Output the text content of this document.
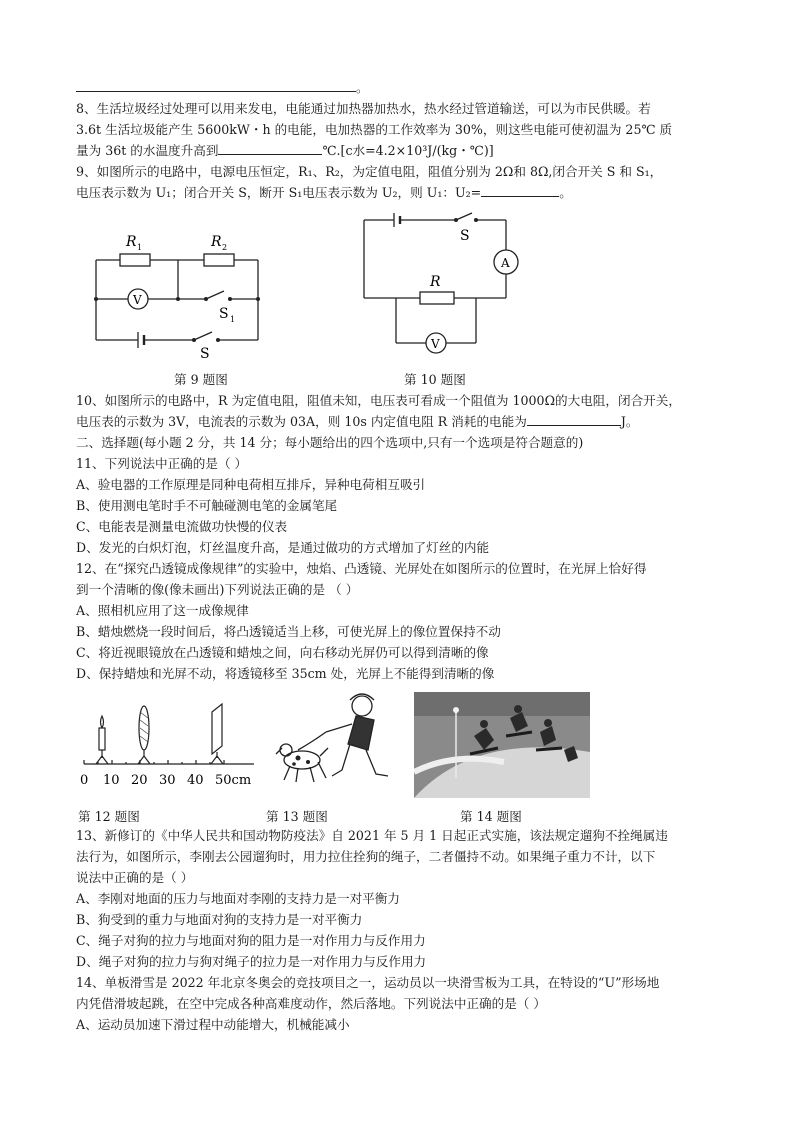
。
8、生活垃圾经过处理可以用来发电，电能通过加热器加热水，热水经过管道输送，可以为市民供暖。若
3.6t 生活垃圾能产生 5600kW・h 的电能，电加热器的工作效率为 30%，则这些电能可使初温为 25℃ 质
量为 36t 的水温度升高到	℃.[c水=4.2×10³J/(kg・℃)]
9、如图所示的电路中，电源电压恒定，R₁、R₂，为定值电阻，阻值分别为 2Ω和 8Ω,闭合开关 S 和 S₁，
电压表示数为 U₁；闭合开关 S，断开 S₁电压表示数为 U₂，则 U₁：U₂=	。
R 1	R 2
V
S 1
S
第 9 题图
S
A
R
V
第 10 题图
10、如图所示的电路中，R 为定值电阻，阻值未知，电压表可看成一个阻值为 1000Ω的大电阻，闭合开关，
电压表的示数为 3V，电流表的示数为 03A，则 10s 内定值电阻 R 消耗的电能为	J。
二、选择题(每小题 2 分，共 14 分；每小题给出的四个选项中,只有一个选项是符合题意的)
11、下列说法中正确的是（ ）
A、验电器的工作原理是同种电荷相互排斥，异种电荷相互吸引
B、使用测电笔时手不可触碰测电笔的金属笔尾
C、电能表是测量电流做功快慢的仪表
D、发光的白炽灯泡，灯丝温度升高，是通过做功的方式增加了灯丝的内能
12、在“探究凸透镜成像规律”的实验中，烛焰、凸透镜、光屏处在如图所示的位置时，在光屏上恰好得
到一个清晰的像(像未画出)下列说法正确的是 （ ）
A、照相机应用了这一成像规律
B、蜡烛燃烧一段时间后，将凸透镜适当上移，可使光屏上的像位置保持不动
C、将近视眼镜放在凸透镜和蜡烛之间，向右移动光屏仍可以得到清晰的像
D、保持蜡烛和光屏不动，将透镜移至 35cm 处，光屏上不能得到清晰的像
0 10 20 30 40 50cm
第 12 题图	第 13 题图	第 14 题图
13、新修订的《中华人民共和国动物防疫法》自 2021 年 5 月 1 日起正式实施，该法规定遛狗不拴绳属违
法行为，如图所示，李刚去公园遛狗时，用力拉住拴狗的绳子，二者僵持不动。如果绳子重力不计，以下
说法中正确的是（ ）
A、李刚对地面的压力与地面对李刚的支持力是一对平衡力
B、狗受到的重力与地面对狗的支持力是一对平衡力
C、绳子对狗的拉力与地面对狗的阻力是一对作用力与反作用力
D、绳子对狗的拉力与狗对绳子的拉力是一对作用力与反作用力
14、单板滑雪是 2022 年北京冬奥会的竞技项目之一，运动员以一块滑雪板为工具，在特设的“U”形场地
内凭借滑坡起跳，在空中完成各种高难度动作，然后落地。下列说法中正确的是（ ）
A、运动员加速下滑过程中动能增大，机械能减小
